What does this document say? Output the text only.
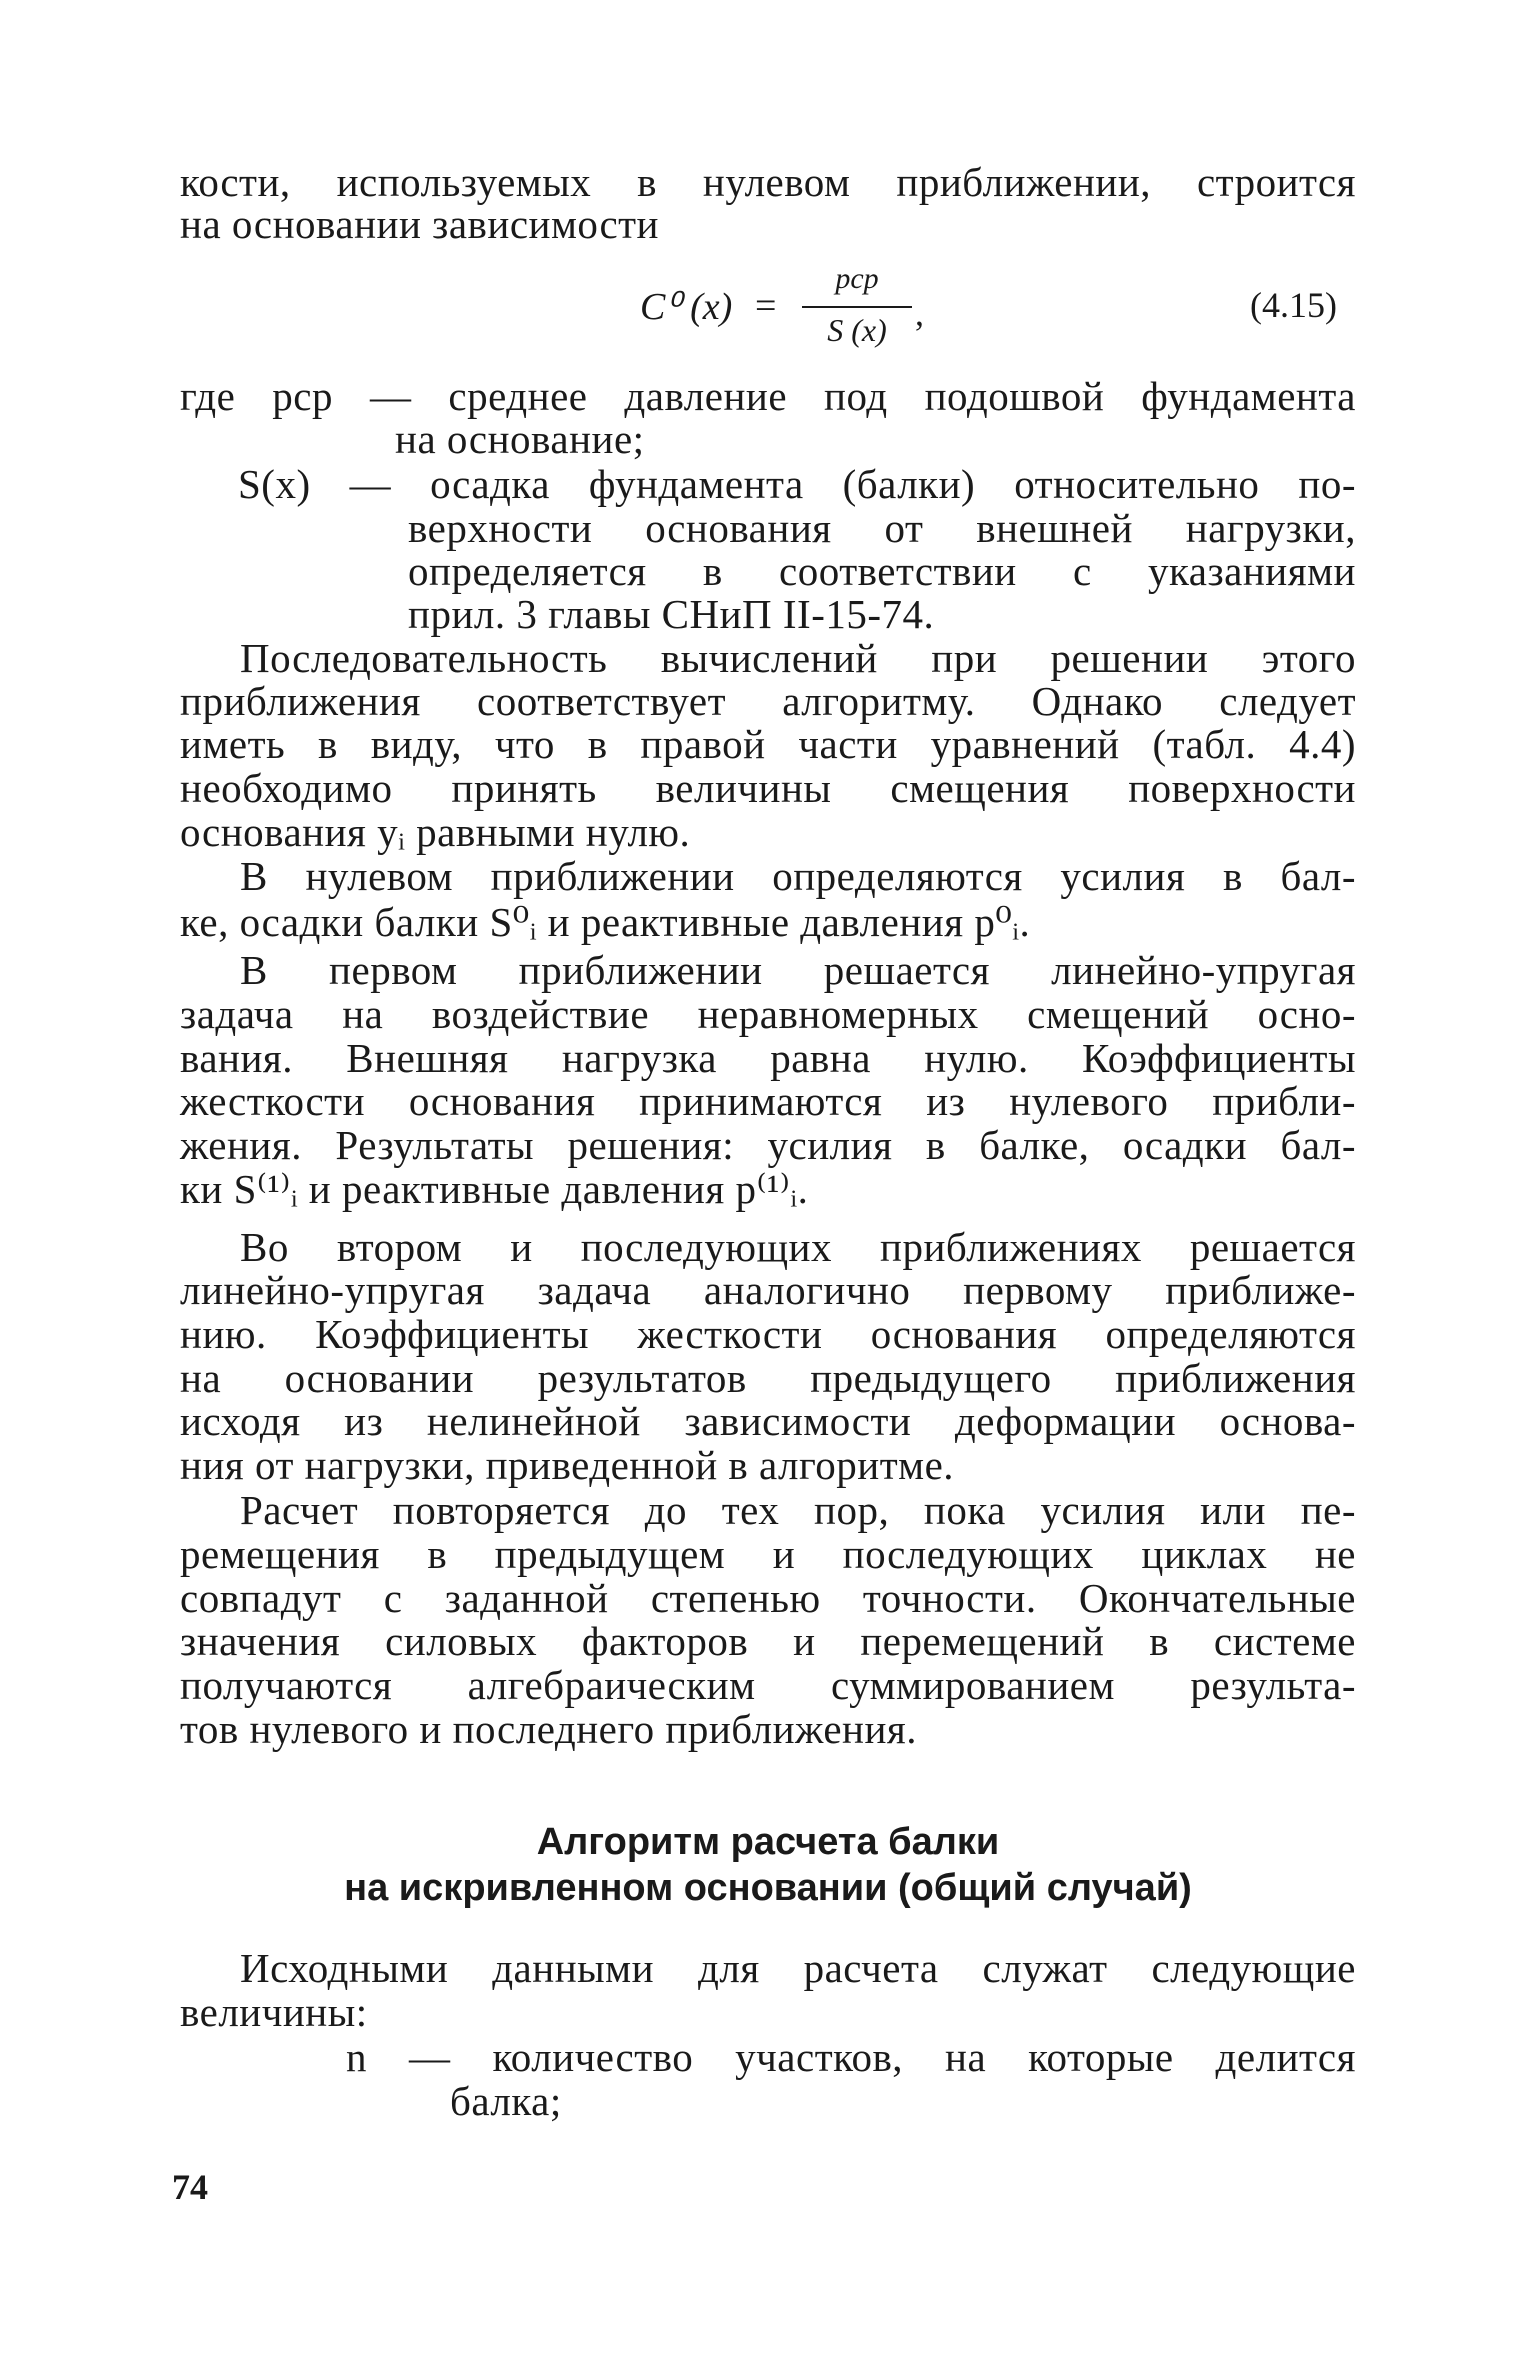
кости, используемых в нулевом приближении, строится
на основании зависимости
C⁰ (x) =
pср
S (x) ,	(4.15)
где pср — среднее давление под подошвой фундамента
на основание;
S(x) — осадка фундамента (балки) относительно по-
верхности основания от внешней нагрузки,
определяется в соответствии с указаниями
прил. 3 главы СНиП II-15-74.
Последовательность вычислений при решении этого
приближения соответствует алгоритму. Однако следует
иметь в виду, что в правой части уравнений (табл. 4.4)
необходимо принять величины смещения поверхности
основания yᵢ равными нулю.
В нулевом приближении определяются усилия в бал-
ке, осадки балки S⁰ᵢ и реактивные давления p⁰ᵢ.
В первом приближении решается линейно-упругая
задача на воздействие неравномерных смещений осно-
вания. Внешняя нагрузка равна нулю. Коэффициенты
жесткости основания принимаются из нулевого прибли-
жения. Результаты решения: усилия в балке, осадки бал-
ки S⁽¹⁾ᵢ и реактивные давления p⁽¹⁾ᵢ.
Во втором и последующих приближениях решается
линейно-упругая задача аналогично первому приближе-
нию. Коэффициенты жесткости основания определяются
на основании результатов предыдущего приближения
исходя из нелинейной зависимости деформации основа-
ния от нагрузки, приведенной в алгоритме.
Расчет повторяется до тех пор, пока усилия или пе-
ремещения в предыдущем и последующих циклах не
совпадут с заданной степенью точности. Окончательные
значения силовых факторов и перемещений в системе
получаются алгебраическим суммированием результа-
тов нулевого и последнего приближения.
Алгоритм расчета балки
на искривленном основании (общий случай)
Исходными данными для расчета служат следующие
величины:
n — количество участков, на которые делится
балка;
74
